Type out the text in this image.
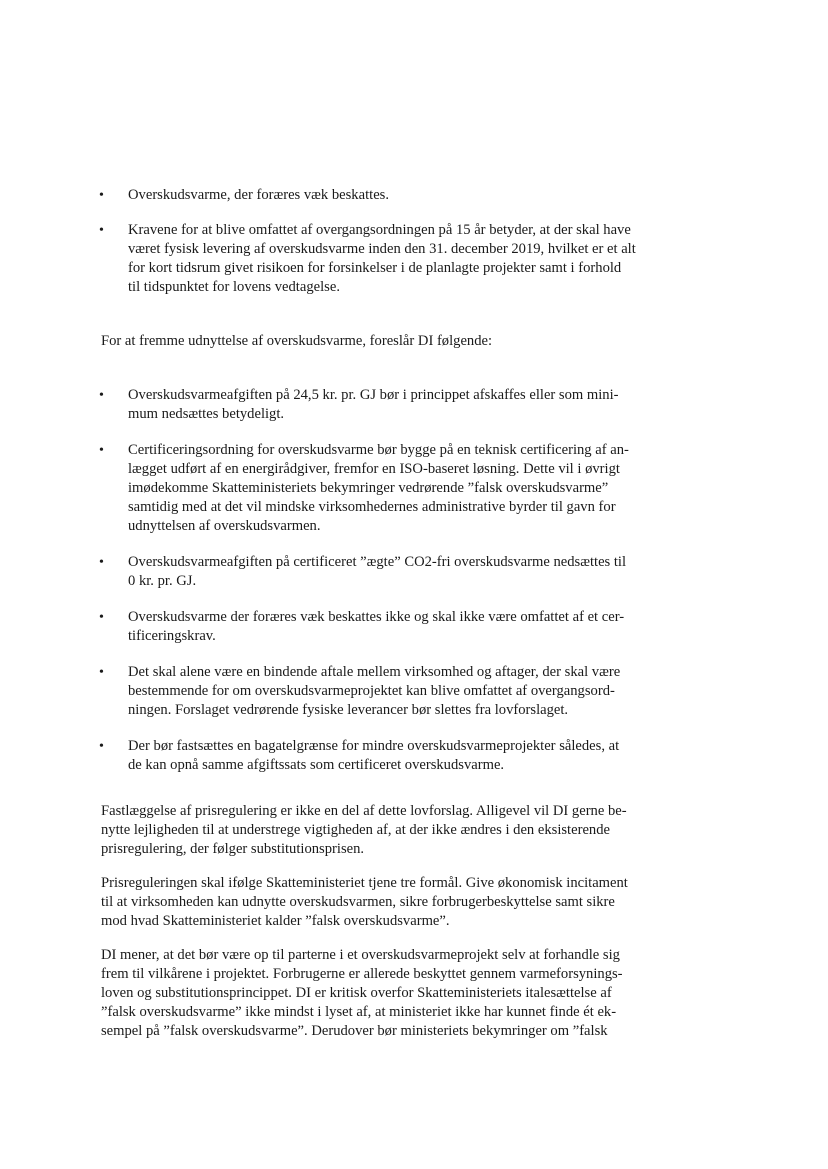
• Overskudsvarme, der foræres væk beskattes.
• Kravene for at blive omfattet af overgangsordningen på 15 år betyder, at der skal have
været fysisk levering af overskudsvarme inden den 31. december 2019, hvilket er et alt
for kort tidsrum givet risikoen for forsinkelser i de planlagte projekter samt i forhold
til tidspunktet for lovens vedtagelse.

For at fremme udnyttelse af overskudsvarme, foreslår DI følgende:

• Overskudsvarmeafgiften på 24,5 kr. pr. GJ bør i princippet afskaffes eller som mini-
mum nedsættes betydeligt.
• Certificeringsordning for overskudsvarme bør bygge på en teknisk certificering af an-
lægget udført af en energirådgiver, fremfor en ISO-baseret løsning. Dette vil i øvrigt
imødekomme Skatteministeriets bekymringer vedrørende ”falsk overskudsvarme”
samtidig med at det vil mindske virksomhedernes administrative byrder til gavn for
udnyttelsen af overskudsvarmen.
• Overskudsvarmeafgiften på certificeret ”ægte” CO2-fri overskudsvarme nedsættes til
0 kr. pr. GJ.
• Overskudsvarme der foræres væk beskattes ikke og skal ikke være omfattet af et cer-
tificeringskrav.
• Det skal alene være en bindende aftale mellem virksomhed og aftager, der skal være
bestemmende for om overskudsvarmeprojektet kan blive omfattet af overgangsord-
ningen. Forslaget vedrørende fysiske leverancer bør slettes fra lovforslaget.
• Der bør fastsættes en bagatelgrænse for mindre overskudsvarmeprojekter således, at
de kan opnå samme afgiftssats som certificeret overskudsvarme.

Fastlæggelse af prisregulering er ikke en del af dette lovforslag. Alligevel vil DI gerne be-
nytte lejligheden til at understrege vigtigheden af, at der ikke ændres i den eksisterende
prisregulering, der følger substitutionsprisen.

Prisreguleringen skal ifølge Skatteministeriet tjene tre formål. Give økonomisk incitament
til at virksomheden kan udnytte overskudsvarmen, sikre forbrugerbeskyttelse samt sikre
mod hvad Skatteministeriet kalder ”falsk overskudsvarme”.

DI mener, at det bør være op til parterne i et overskudsvarmeprojekt selv at forhandle sig
frem til vilkårene i projektet. Forbrugerne er allerede beskyttet gennem varmeforsynings-
loven og substitutionsprincippet. DI er kritisk overfor Skatteministeriets italesættelse af
”falsk overskudsvarme” ikke mindst i lyset af, at ministeriet ikke har kunnet finde ét ek-
sempel på ”falsk overskudsvarme”. Derudover bør ministeriets bekymringer om ”falsk
